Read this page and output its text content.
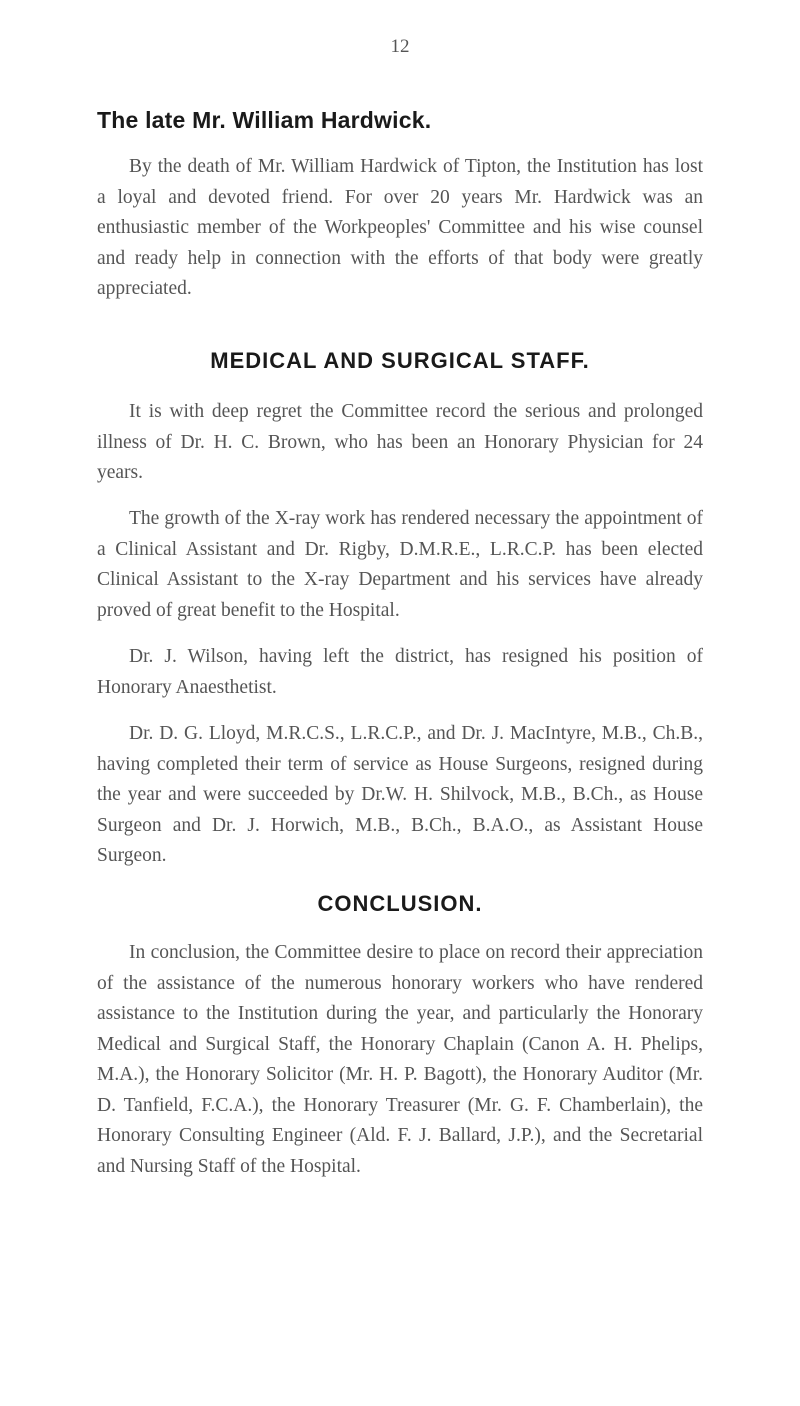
12
The late Mr. William Hardwick.

By the death of Mr. William Hardwick of Tipton, the Institution has lost a loyal and devoted friend. For over 20 years Mr. Hardwick was an enthusiastic member of the Workpeoples' Committee and his wise counsel and ready help in connection with the efforts of that body were greatly appreciated.

MEDICAL AND SURGICAL STAFF.

It is with deep regret the Committee record the serious and prolonged illness of Dr. H. C. Brown, who has been an Honorary Physician for 24 years.

The growth of the X-ray work has rendered necessary the appointment of a Clinical Assistant and Dr. Rigby, D.M.R.E., L.R.C.P. has been elected Clinical Assistant to the X-ray Department and his services have already proved of great benefit to the Hospital.

Dr. J. Wilson, having left the district, has resigned his position of Honorary Anaesthetist.

Dr. D. G. Lloyd, M.R.C.S., L.R.C.P., and Dr. J. MacIntyre, M.B., Ch.B., having completed their term of service as House Surgeons, resigned during the year and were succeeded by Dr.W. H. Shilvock, M.B., B.Ch., as House Surgeon and Dr. J. Horwich, M.B., B.Ch., B.A.O., as Assistant House Surgeon.

CONCLUSION.

In conclusion, the Committee desire to place on record their appreciation of the assistance of the numerous honorary workers who have rendered assistance to the Institution during the year, and particularly the Honorary Medical and Surgical Staff, the Honorary Chaplain (Canon A. H. Phelips, M.A.), the Honorary Solicitor (Mr. H. P. Bagott), the Honorary Auditor (Mr. D. Tanfield, F.C.A.), the Honorary Treasurer (Mr. G. F. Chamberlain), the Honorary Consulting Engineer (Ald. F. J. Ballard, J.P.), and the Secretarial and Nursing Staff of the Hospital.
